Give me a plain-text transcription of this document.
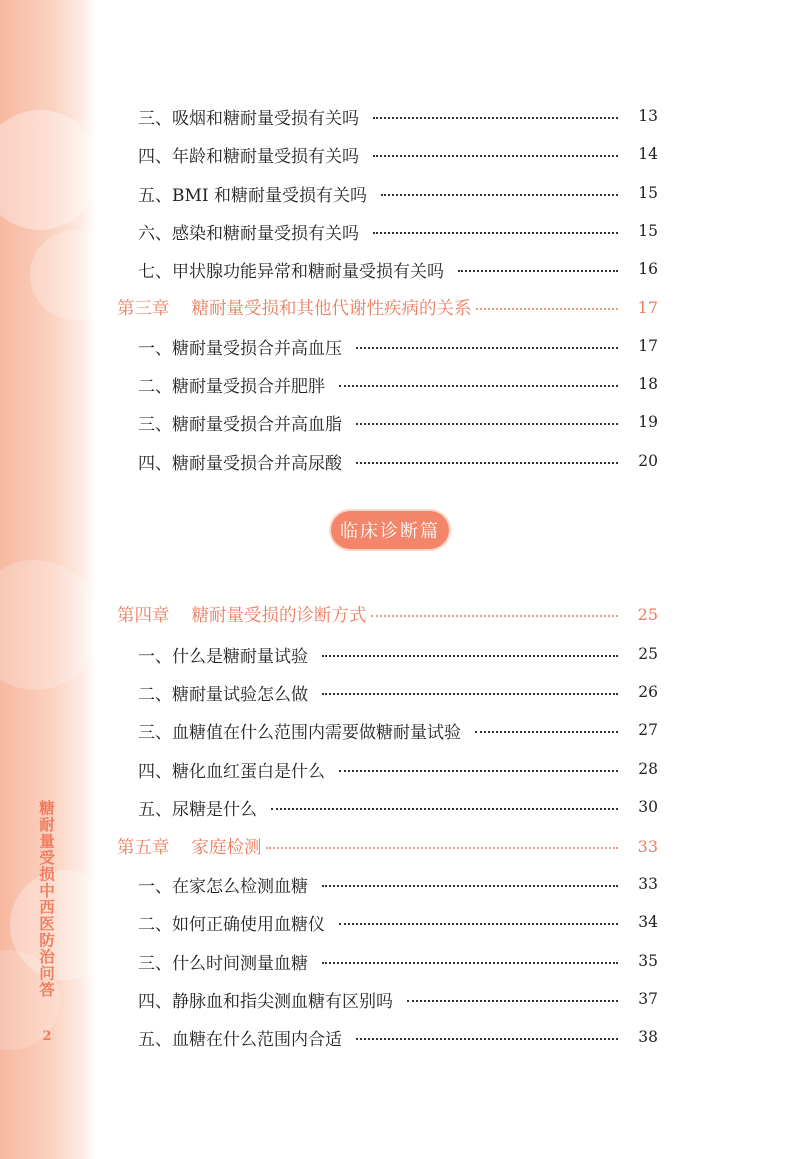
糖耐量受损中西医防治问答
2
三、吸烟和糖耐量受损有关吗	13
四、年龄和糖耐量受损有关吗	14
五、BMI 和糖耐量受损有关吗	15
六、感染和糖耐量受损有关吗	15
七、甲状腺功能异常和糖耐量受损有关吗	16
第三章 糖耐量受损和其他代谢性疾病的关系	17
一、糖耐量受损合并高血压	17
二、糖耐量受损合并肥胖	18
三、糖耐量受损合并高血脂	19
四、糖耐量受损合并高尿酸	20
临床诊断篇
第四章 糖耐量受损的诊断方式	25
一、什么是糖耐量试验	25
二、糖耐量试验怎么做	26
三、血糖值在什么范围内需要做糖耐量试验	27
四、糖化血红蛋白是什么	28
五、尿糖是什么	30
第五章 家庭检测	33
一、在家怎么检测血糖	33
二、如何正确使用血糖仪	34
三、什么时间测量血糖	35
四、静脉血和指尖测血糖有区别吗	37
五、血糖在什么范围内合适	38
